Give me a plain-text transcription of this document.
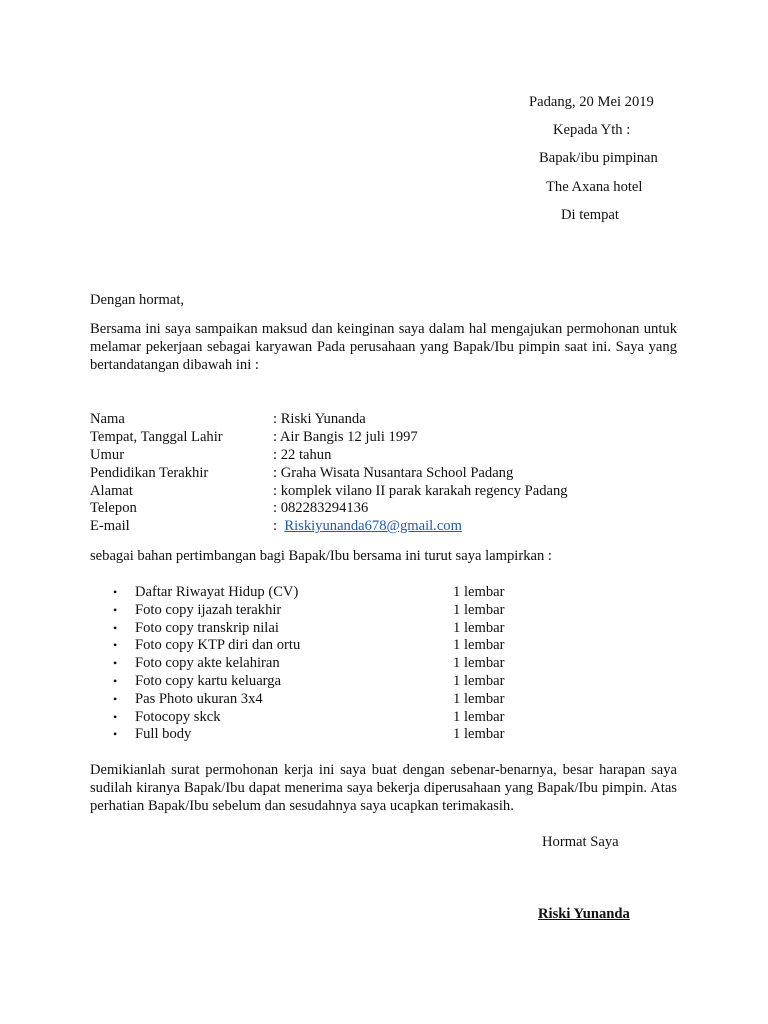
Padang, 20 Mei 2019
Kepada Yth :
Bapak/ibu pimpinan
The Axana hotel
Di tempat
Dengan hormat,
Bersama ini saya sampaikan maksud dan keinginan saya dalam hal mengajukan permohonan untuk melamar pekerjaan sebagai karyawan Pada perusahaan yang Bapak/Ibu pimpin saat ini. Saya yang bertandatangan dibawah ini :
Nama	: Riski Yunanda
Tempat, Tanggal Lahir	: Air Bangis 12 juli 1997
Umur	: 22 tahun
Pendidikan Terakhir	: Graha Wisata Nusantara School Padang
Alamat	: komplek vilano II parak karakah regency Padang
Telepon	: 082283294136
E-mail	: Riskiyunanda678@gmail.com
sebagai bahan pertimbangan bagi Bapak/Ibu bersama ini turut saya lampirkan :
• Daftar Riwayat Hidup (CV)	1 lembar
• Foto copy ijazah terakhir	1 lembar
• Foto copy transkrip nilai	1 lembar
• Foto copy KTP diri dan ortu	1 lembar
• Foto copy akte kelahiran	1 lembar
• Foto copy kartu keluarga	1 lembar
• Pas Photo ukuran 3x4	1 lembar
• Fotocopy skck	1 lembar
• Full body	1 lembar
Demikianlah surat permohonan kerja ini saya buat dengan sebenar-benarnya, besar harapan saya sudilah kiranya Bapak/Ibu dapat menerima saya bekerja diperusahaan yang Bapak/Ibu pimpin. Atas perhatian Bapak/Ibu sebelum dan sesudahnya saya ucapkan terimakasih.
Hormat Saya
Riski Yunanda
